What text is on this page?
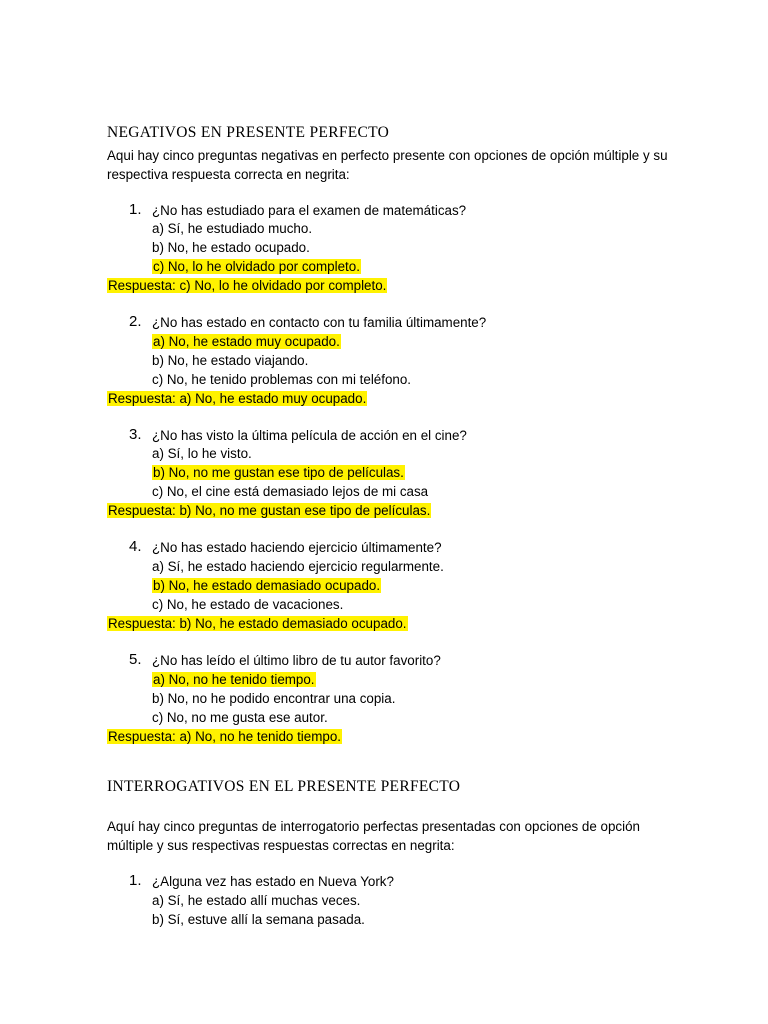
NEGATIVOS EN PRESENTE PERFECTO
Aqui hay cinco preguntas negativas en perfecto presente con opciones de opción múltiple y su respectiva respuesta correcta en negrita:
1. ¿No has estudiado para el examen de matemáticas?
a) Sí, he estudiado mucho.
b) No, he estado ocupado.
c) No, lo he olvidado por completo.
Respuesta: c) No, lo he olvidado por completo.
2. ¿No has estado en contacto con tu familia últimamente?
a) No, he estado muy ocupado.
b) No, he estado viajando.
c) No, he tenido problemas con mi teléfono.
Respuesta: a) No, he estado muy ocupado.
3. ¿No has visto la última película de acción en el cine?
a) Sí, lo he visto.
b) No, no me gustan ese tipo de películas.
c) No, el cine está demasiado lejos de mi casa
Respuesta: b) No, no me gustan ese tipo de películas.
4. ¿No has estado haciendo ejercicio últimamente?
a) Sí, he estado haciendo ejercicio regularmente.
b) No, he estado demasiado ocupado.
c) No, he estado de vacaciones.
Respuesta: b) No, he estado demasiado ocupado.
5. ¿No has leído el último libro de tu autor favorito?
a) No, no he tenido tiempo.
b) No, no he podido encontrar una copia.
c) No, no me gusta ese autor.
Respuesta: a) No, no he tenido tiempo.
INTERROGATIVOS EN EL PRESENTE PERFECTO
Aquí hay cinco preguntas de interrogatorio perfectas presentadas con opciones de opción múltiple y sus respectivas respuestas correctas en negrita:
1. ¿Alguna vez has estado en Nueva York?
a) Sí, he estado allí muchas veces.
b) Sí, estuve allí la semana pasada.
